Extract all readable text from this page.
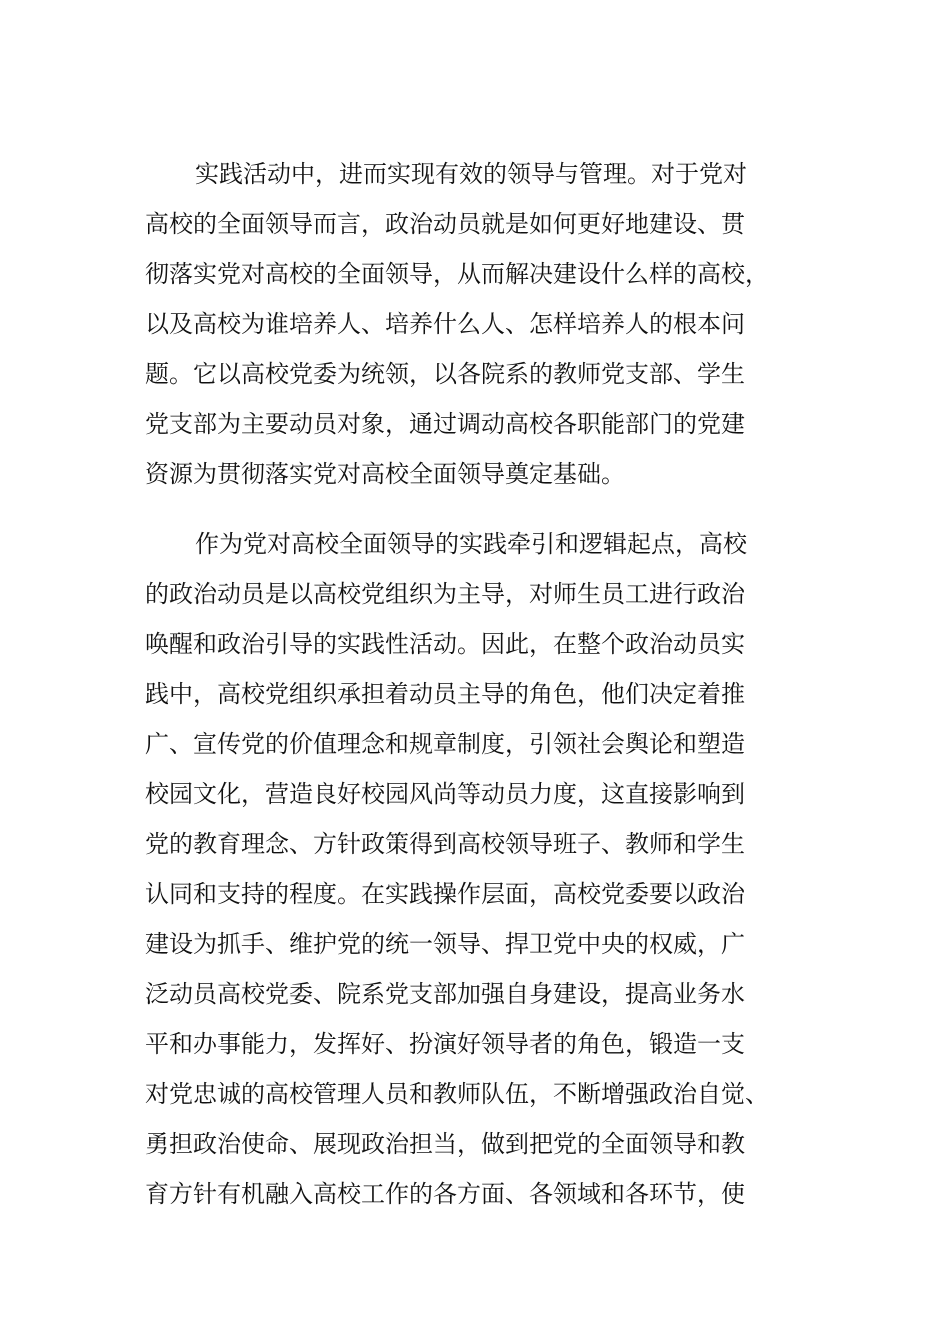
实践活动中，进而实现有效的领导与管理。对于党对
高校的全面领导而言，政治动员就是如何更好地建设、贯
彻落实党对高校的全面领导，从而解决建设什么样的高校，
以及高校为谁培养人、培养什么人、怎样培养人的根本问
题。它以高校党委为统领，以各院系的教师党支部、学生
党支部为主要动员对象，通过调动高校各职能部门的党建
资源为贯彻落实党对高校全面领导奠定基础。
作为党对高校全面领导的实践牵引和逻辑起点，高校
的政治动员是以高校党组织为主导，对师生员工进行政治
唤醒和政治引导的实践性活动。因此，在整个政治动员实
践中，高校党组织承担着动员主导的角色，他们决定着推
广、宣传党的价值理念和规章制度，引领社会舆论和塑造
校园文化，营造良好校园风尚等动员力度，这直接影响到
党的教育理念、方针政策得到高校领导班子、教师和学生
认同和支持的程度。在实践操作层面，高校党委要以政治
建设为抓手、维护党的统一领导、捍卫党中央的权威，广
泛动员高校党委、院系党支部加强自身建设，提高业务水
平和办事能力，发挥好、扮演好领导者的角色，锻造一支
对党忠诚的高校管理人员和教师队伍，不断增强政治自觉、
勇担政治使命、展现政治担当，做到把党的全面领导和教
育方针有机融入高校工作的各方面、各领域和各环节，使
